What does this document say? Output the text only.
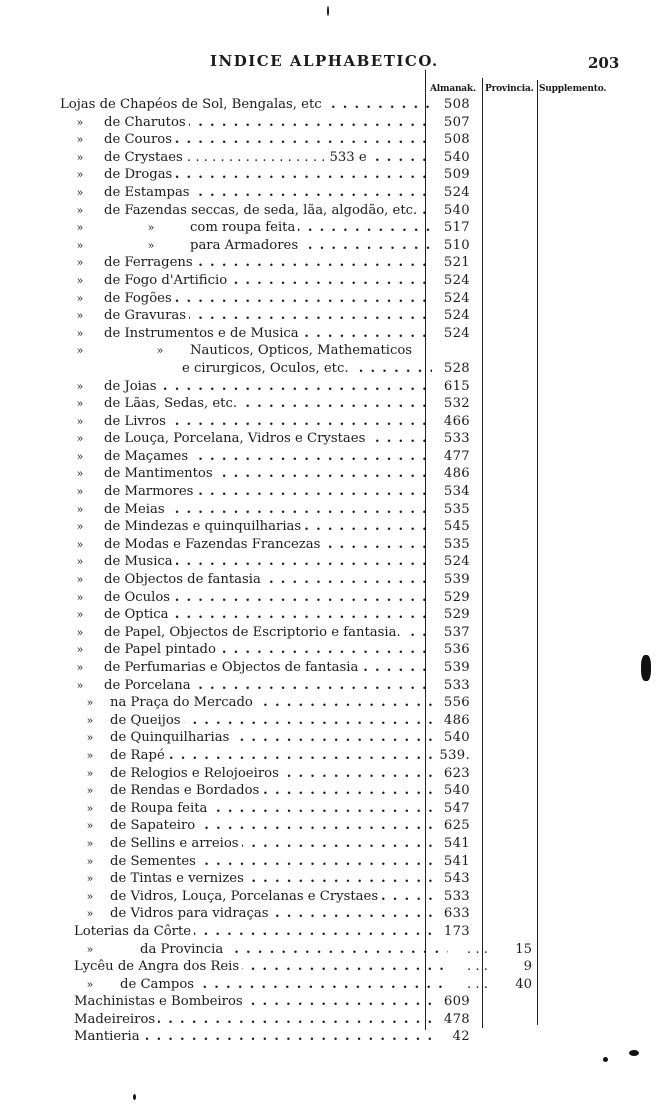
INDICE ALPHABETICO.	203
Almanak. Provincia. Supplemento.
Lojas de Chapéos de Sol, Bengalas, etc . . .	508
» de Charutos . . .	507
» de Couros . . .	508
» de Crystaes . . . . . . . . . . . . . . . . . 533 e . . .	540
» de Drogas . . .	509
» de Estampas . . .	524
» de Fazendas seccas, de seda, lãa, algodão, etc. . . .	540
»	»	com roupa feita . . .	517
»	»	para Armadores . . .	510
» de Ferragens . . .	521
» de Fogo d'Artificio . . .	524
» de Fogões . . .	524
» de Gravuras . . .	524
» de Instrumentos e de Musica . . .	524
»	» Nauticos, Opticos, Mathematicos
e cirurgicos, Oculos, etc. . . .	528
» de Joias . . .	615
» de Lãas, Sedas, etc. . . .	532
» de Livros . . .	466
» de Louça, Porcelana, Vidros e Crystaes . . .	533
» de Maçames . . .	477
» de Mantimentos . . .	486
» de Marmores . . .	534
» de Meias . . .	535
» de Mindezas e quinquilharias . . .	545
» de Modas e Fazendas Francezas . . .	535
» de Musica . . .	524
» de Objectos de fantasia . . .	539
» de Oculos . . .	529
» de Optica . . .	529
» de Papel, Objectos de Escriptorio e fantasia. . . .	537
» de Papel pintado . . .	536
» de Perfumarias e Objectos de fantasia . . .	539
» de Porcelana . . .	533
» na Praça do Mercado . . .	556
» de Queijos . . .	486
» de Quinquilharias . . .	540
» de Rapé . . .	539.
» de Relogios e Relojoeiros . . .	623
» de Rendas e Bordados . . .	540
» de Roupa feita . . .	547
» de Sapateiro . . .	625
» de Sellins e arreios . . .	541
» de Sementes . . .	541
» de Tintas e vernizes . . .	543
» de Vidros, Louça, Porcelanas e Crystaes . . .	533
» de Vidros para vidraças . . .	633
Loterias da Côrte . . .	173
»	da Provincia . . .	. . .	15
Lycêu de Angra dos Reis . . .	. . .	9
» de Campos . . .	. . .	40
Machinistas e Bombeiros . . .	609
Madeireiros . . .	478
Mantieria . . .	42
